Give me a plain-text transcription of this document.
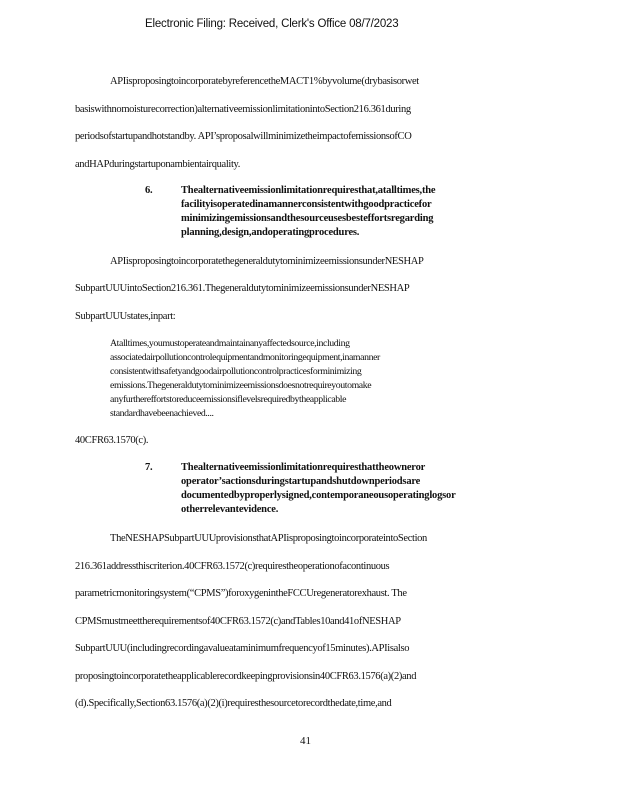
Electronic Filing: Received, Clerk's Office 08/7/2023
APIisproposingtoincorporatebyreferencetheMACT1%byvolume(drybasisorwet
basiswithnomoisturecorrection)alternativeemissionlimitationintoSection216.361during
periodsofstartupandhotstandby. API’sproposalwillminimizetheimpactofemissionsofCO
andHAPduringstartuponambientairquality.
6.	Thealternativeemissionlimitationrequiresthat,atalltimes,the
facilityisoperatedinamannerconsistentwithgoodpracticefor
minimizingemissionsandthesourceusesbesteffortsregarding
planning,design,andoperatingprocedures.
APIisproposingtoincorporatethegeneraldutytominimizeemissionsunderNESHAP
SubpartUUUintoSection216.361.ThegeneraldutytominimizeemissionsunderNESHAP
SubpartUUUstates,inpart:
Atalltimes,youmustoperateandmaintainanyaffectedsource,including
associatedairpollutioncontrolequipmentandmonitoringequipment,inamanner
consistentwithsafetyandgoodairpollutioncontrolpracticesforminimizing
emissions.Thegeneraldutytominimizeemissionsdoesnotrequireyoutomake
anyfurthereffortstoreduceemissionsiflevelsrequiredbytheapplicable
standardhavebeenachieved....
40CFR63.1570(c).
7.	Thealternativeemissionlimitationrequiresthattheowneror
operator’sactionsduringstartupandshutdownperiodsare
documentedbyproperlysigned,contemporaneousoperatinglogsor
otherrelevantevidence.
TheNESHAPSubpartUUUprovisionsthatAPIisproposingtoincorporateintoSection
216.361addressthiscriterion.40CFR63.1572(c)requirestheoperationofacontinuous
parametricmonitoringsystem(“CPMS”)foroxygenintheFCCUregeneratorexhaust. The
CPMSmustmeettherequirementsof40CFR63.1572(c)andTables10and41ofNESHAP
SubpartUUU(includingrecordingavalueataminimumfrequencyof15minutes).APIisalso
proposingtoincorporatetheapplicablerecordkeepingprovisionsin40CFR63.1576(a)(2)and
(d).Specifically,Section63.1576(a)(2)(i)requiresthesourcetorecordthedate,time,and
41
